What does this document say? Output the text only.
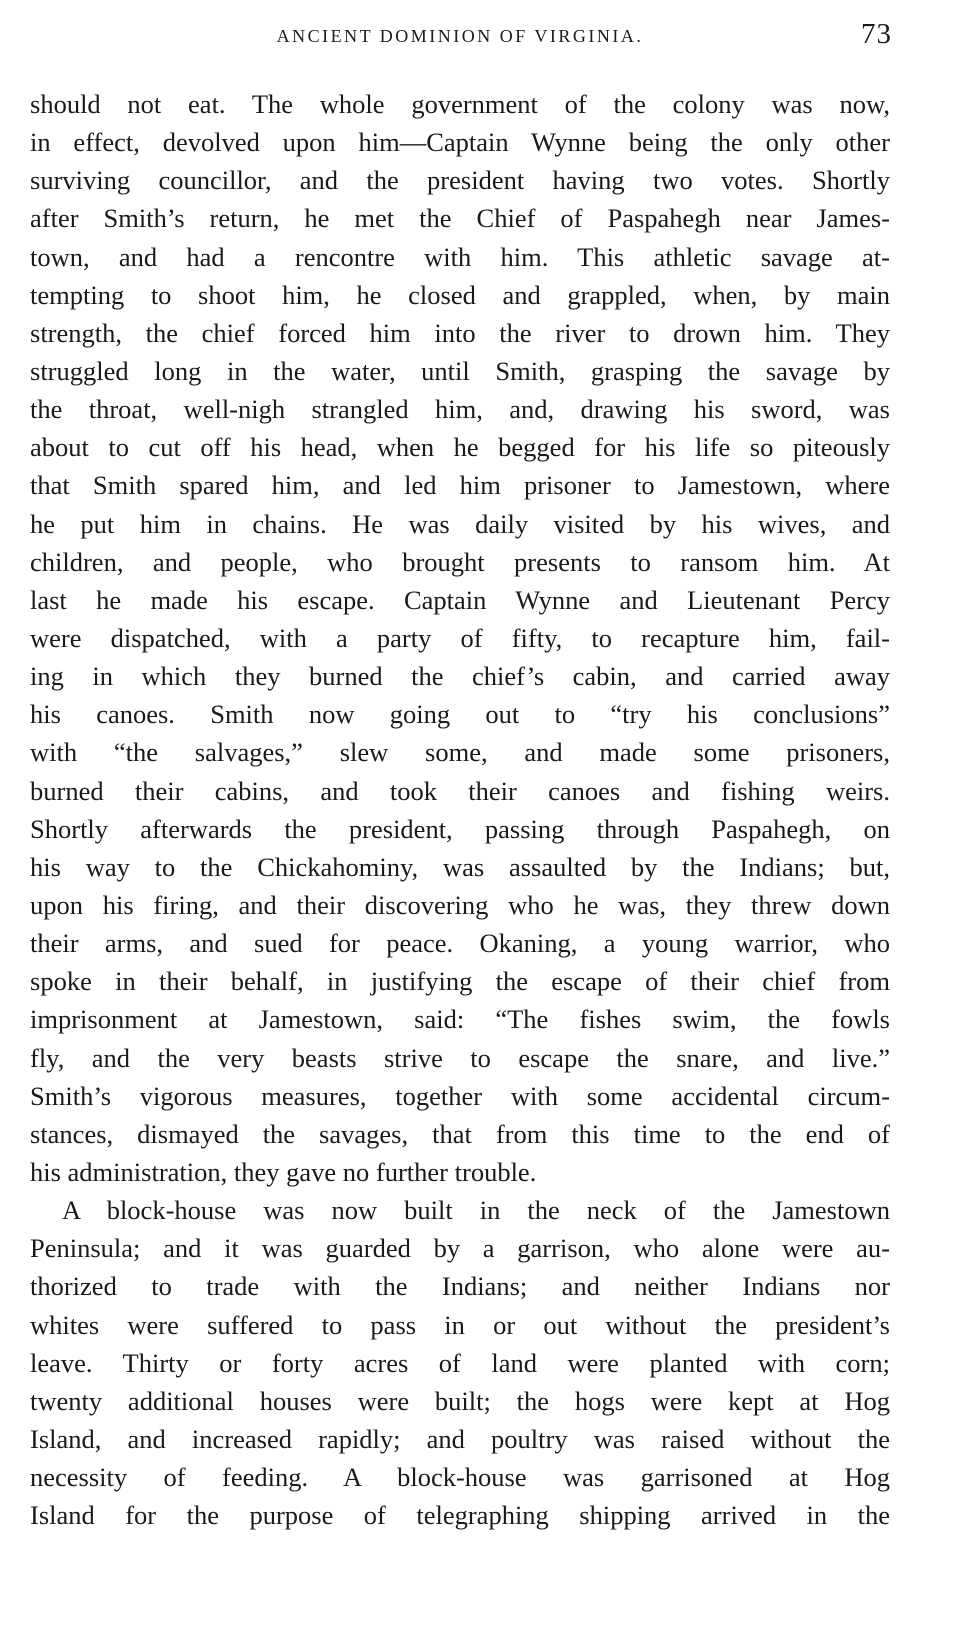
ANCIENT DOMINION OF VIRGINIA.	73
should not eat. The whole government of the colony was now,
in effect, devolved upon him—Captain Wynne being the only other
surviving councillor, and the president having two votes. Shortly
after Smith’s return, he met the Chief of Paspahegh near James-
town, and had a rencontre with him. This athletic savage at-
tempting to shoot him, he closed and grappled, when, by main
strength, the chief forced him into the river to drown him. They
struggled long in the water, until Smith, grasping the savage by
the throat, well-nigh strangled him, and, drawing his sword, was
about to cut off his head, when he begged for his life so piteously
that Smith spared him, and led him prisoner to Jamestown, where
he put him in chains. He was daily visited by his wives, and
children, and people, who brought presents to ransom him. At
last he made his escape. Captain Wynne and Lieutenant Percy
were dispatched, with a party of fifty, to recapture him, fail-
ing in which they burned the chief’s cabin, and carried away
his canoes. Smith now going out to “try his conclusions”
with “the salvages,” slew some, and made some prisoners,
burned their cabins, and took their canoes and fishing weirs.
Shortly afterwards the president, passing through Paspahegh, on
his way to the Chickahominy, was assaulted by the Indians; but,
upon his firing, and their discovering who he was, they threw down
their arms, and sued for peace. Okaning, a young warrior, who
spoke in their behalf, in justifying the escape of their chief from
imprisonment at Jamestown, said: “The fishes swim, the fowls
fly, and the very beasts strive to escape the snare, and live.”
Smith’s vigorous measures, together with some accidental circum-
stances, dismayed the savages, that from this time to the end of
his administration, they gave no further trouble.
A block-house was now built in the neck of the Jamestown
Peninsula; and it was guarded by a garrison, who alone were au-
thorized to trade with the Indians; and neither Indians nor
whites were suffered to pass in or out without the president’s
leave. Thirty or forty acres of land were planted with corn;
twenty additional houses were built; the hogs were kept at Hog
Island, and increased rapidly; and poultry was raised without the
necessity of feeding. A block-house was garrisoned at Hog
Island for the purpose of telegraphing shipping arrived in the
